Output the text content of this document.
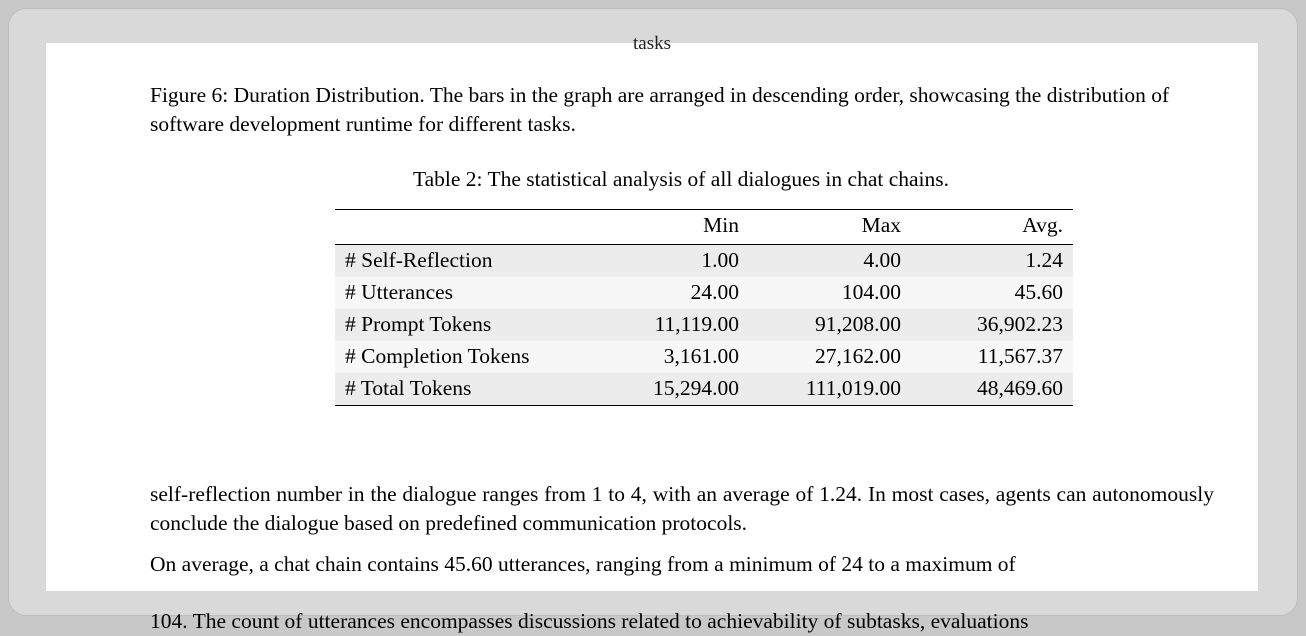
tasks
Figure 6: Duration Distribution. The bars in the graph are arranged in descending order, showcasing the distribution of software development runtime for different tasks.
Table 2: The statistical analysis of all dialogues in chat chains.
	Min	Max	Avg.
# Self-Reflection	1.00	4.00	1.24
# Utterances	24.00	104.00	45.60
# Prompt Tokens	11,119.00	91,208.00	36,902.23
# Completion Tokens	3,161.00	27,162.00	11,567.37
# Total Tokens	15,294.00	111,019.00	48,469.60
self-reflection number in the dialogue ranges from 1 to 4, with an average of 1.24. In most cases, agents can autonomously conclude the dialogue based on predefined communication protocols.
On average, a chat chain contains 45.60 utterances, ranging from a minimum of 24 to a maximum of
104. The count of utterances encompasses discussions related to achievability of subtasks, evaluations
